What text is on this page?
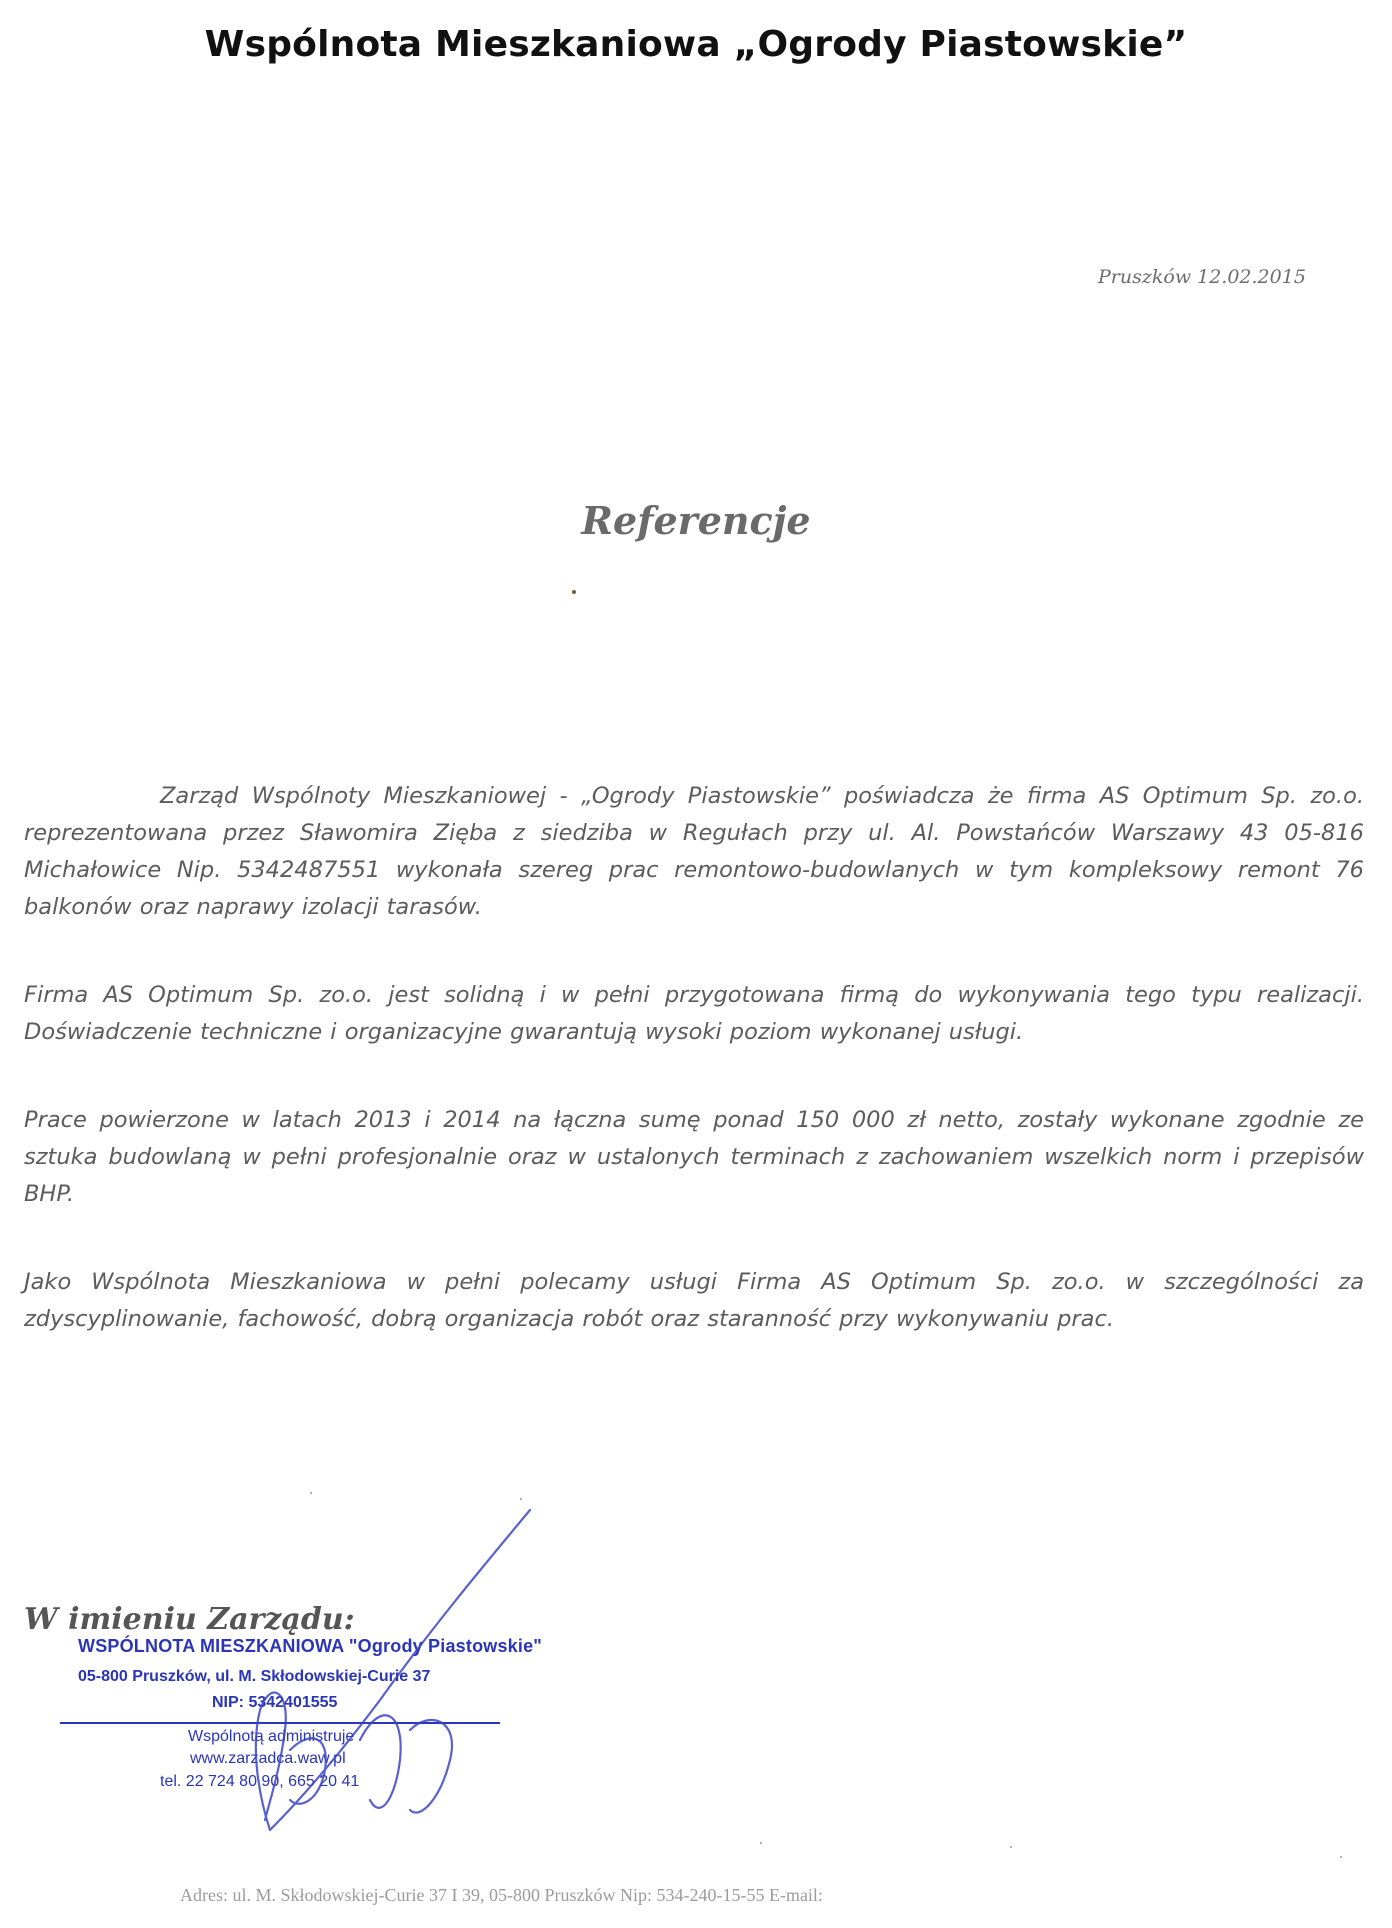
Wspólnota Mieszkaniowa „Ogrody Piastowskie”
Pruszków 12.02.2015
Referencje

Zarząd Wspólnoty Mieszkaniowej - „Ogrody Piastowskie” poświadcza że firma AS Optimum Sp. zo.o. reprezentowana przez Sławomira Zięba z siedziba w Regułach przy ul. Al. Powstańców Warszawy 43 05-816 Michałowice Nip. 5342487551 wykonała szereg prac remontowo-budowlanych w tym kompleksowy remont 76 balkonów oraz naprawy izolacji tarasów.

Firma AS Optimum Sp. zo.o. jest solidną i w pełni przygotowana firmą do wykonywania tego typu realizacji. Doświadczenie techniczne i organizacyjne gwarantują wysoki poziom wykonanej usługi.

Prace powierzone w latach 2013 i 2014 na łączna sumę ponad 150 000 zł netto, zostały wykonane zgodnie ze sztuka budowlaną w pełni profesjonalnie oraz w ustalonych terminach z zachowaniem wszelkich norm i przepisów BHP.

Jako Wspólnota Mieszkaniowa w pełni polecamy usługi Firma AS Optimum Sp. zo.o. w szczególności za zdyscyplinowanie, fachowość, dobrą organizacja robót oraz staranność przy wykonywaniu prac.

W imieniu Zarządu:
WSPÓLNOTA MIESZKANIOWA "Ogrody Piastowskie"
05-800 Pruszków, ul. M. Skłodowskiej-Curie 37
NIP: 5342401555
Wspólnotą administruje
www.zarzadca.waw.pl
tel. 22 724 80 90, 665 20 41
Adres: ul. M. Skłodowskiej-Curie 37 I 39, 05-800 Pruszków Nip: 534-240-15-55 E-mail:
